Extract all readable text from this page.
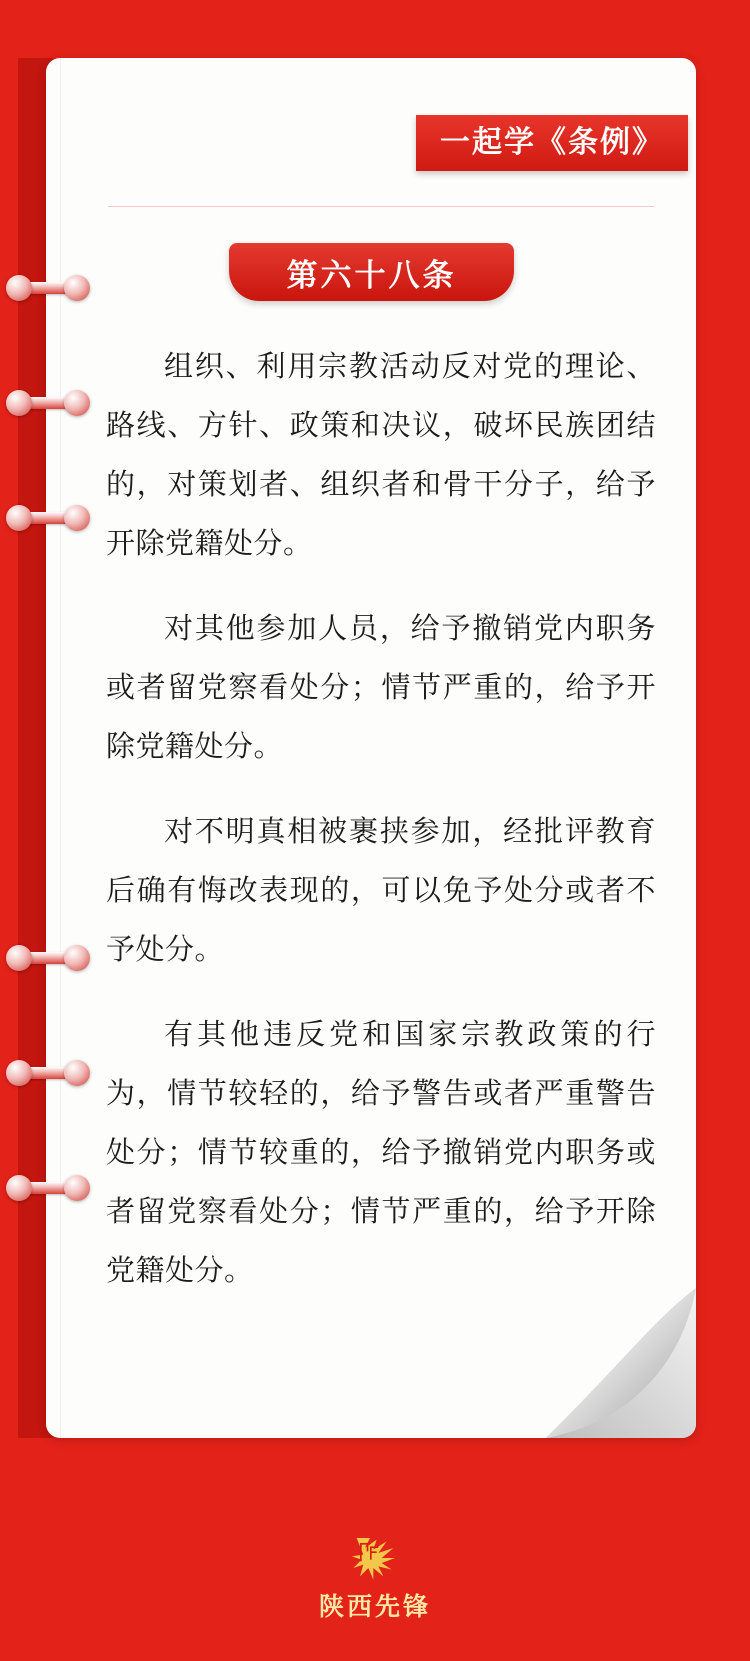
一起学《条例》
第六十八条

组织、利用宗教活动反对党的理论、路线、方针、政策和决议，破坏民族团结的，对策划者、组织者和骨干分子，给予开除党籍处分。

对其他参加人员，给予撤销党内职务或者留党察看处分；情节严重的，给予开除党籍处分。

对不明真相被裹挟参加，经批评教育后确有悔改表现的，可以免予处分或者不予处分。

有其他违反党和国家宗教政策的行为，情节较轻的，给予警告或者严重警告处分；情节较重的，给予撤销党内职务或者留党察看处分；情节严重的，给予开除党籍处分。

陕西先锋
